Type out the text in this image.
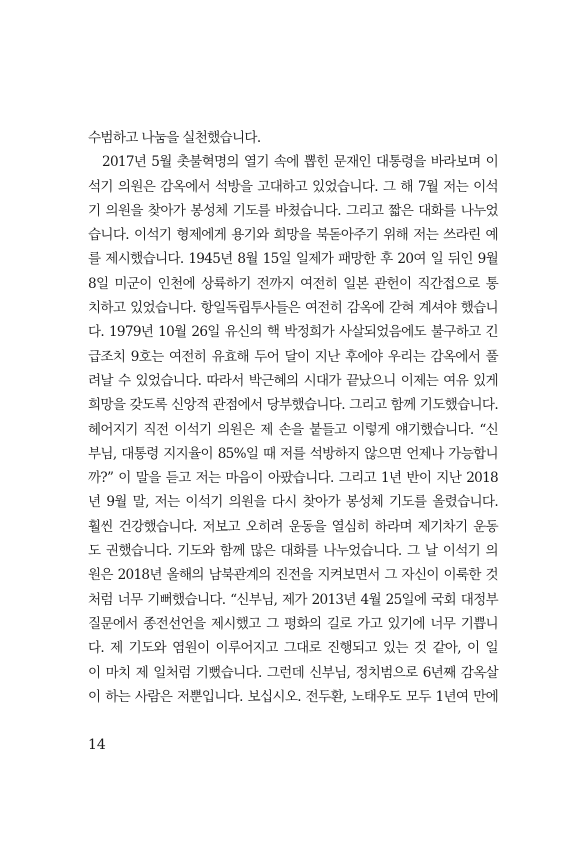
수범하고 나눔을 실천했습니다.
2017년 5월 촛불혁명의 열기 속에 뽑힌 문재인 대통령을 바라보며 이
석기 의원은 감옥에서 석방을 고대하고 있었습니다. 그 해 7월 저는 이석
기 의원을 찾아가 봉성체 기도를 바쳤습니다. 그리고 짧은 대화를 나누었
습니다. 이석기 형제에게 용기와 희망을 북돋아주기 위해 저는 쓰라린 예
를 제시했습니다. 1945년 8월 15일 일제가 패망한 후 20여 일 뒤인 9월
8일 미군이 인천에 상륙하기 전까지 여전히 일본 관헌이 직간접으로 통
치하고 있었습니다. 항일독립투사들은 여전히 감옥에 갇혀 계셔야 했습니
다. 1979년 10월 26일 유신의 핵 박정희가 사살되었음에도 불구하고 긴
급조치 9호는 여전히 유효해 두어 달이 지난 후에야 우리는 감옥에서 풀
려날 수 있었습니다. 따라서 박근혜의 시대가 끝났으니 이제는 여유 있게
희망을 갖도록 신앙적 관점에서 당부했습니다. 그리고 함께 기도했습니다.
헤어지기 직전 이석기 의원은 제 손을 붙들고 이렇게 얘기했습니다. “신
부님, 대통령 지지율이 85%일 때 저를 석방하지 않으면 언제나 가능합니
까?” 이 말을 듣고 저는 마음이 아팠습니다. 그리고 1년 반이 지난 2018
년 9월 말, 저는 이석기 의원을 다시 찾아가 봉성체 기도를 올렸습니다.
훨씬 건강했습니다. 저보고 오히려 운동을 열심히 하라며 제기차기 운동
도 권했습니다. 기도와 함께 많은 대화를 나누었습니다. 그 날 이석기 의
원은 2018년 올해의 남북관계의 진전을 지켜보면서 그 자신이 이룩한 것
처럼 너무 기뻐했습니다. “신부님, 제가 2013년 4월 25일에 국회 대정부
질문에서 종전선언을 제시했고 그 평화의 길로 가고 있기에 너무 기쁩니
다. 제 기도와 염원이 이루어지고 그대로 진행되고 있는 것 같아, 이 일
이 마치 제 일처럼 기뻤습니다. 그런데 신부님, 정치범으로 6년째 감옥살
이 하는 사람은 저뿐입니다. 보십시오. 전두환, 노태우도 모두 1년여 만에
14
